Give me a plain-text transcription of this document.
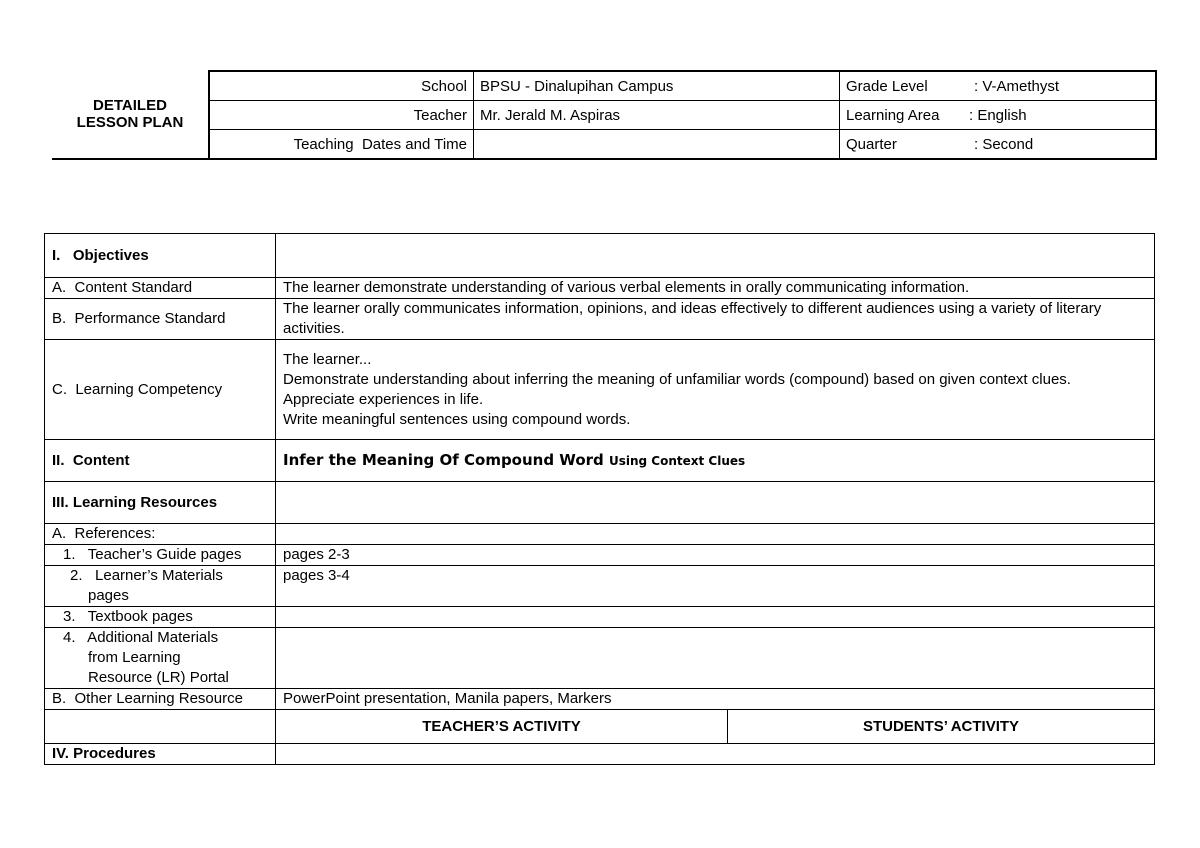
DETAILED LESSON PLAN
School	BPSU - Dinalupihan Campus	Grade Level : V-Amethyst
Teacher	Mr. Jerald M. Aspiras	Learning Area : English
Teaching  Dates and Time		Quarter : Second
I.   Objectives		
A.  Content Standard	The learner demonstrate understanding of various verbal elements in orally communicating information.	
B.  Performance Standard	The learner orally communicates information, opinions, and ideas effectively to different audiences using a variety of literary activities.	
C.  Learning Competency	The learner...
Demonstrate understanding about inferring the meaning of unfamiliar words (compound) based on given context clues.
Appreciate experiences in life.
Write meaningful sentences using compound words.	

II.  Content	Infer the Meaning Of Compound Word Using Context Clues	
III. Learning Resources		
A.  References:		
1.   Teacher’s Guide pages	pages 2-3	

2.   Learner’s Materials
pages	pages 3-4	
3.   Textbook pages		

4.   Additional Materials
from Learning
Resource (LR) Portal		

B.  Other Learning Resource	PowerPoint presentation, Manila papers, Markers	
	TEACHER’S ACTIVITY	STUDENTS’ ACTIVITY
IV. Procedures		
